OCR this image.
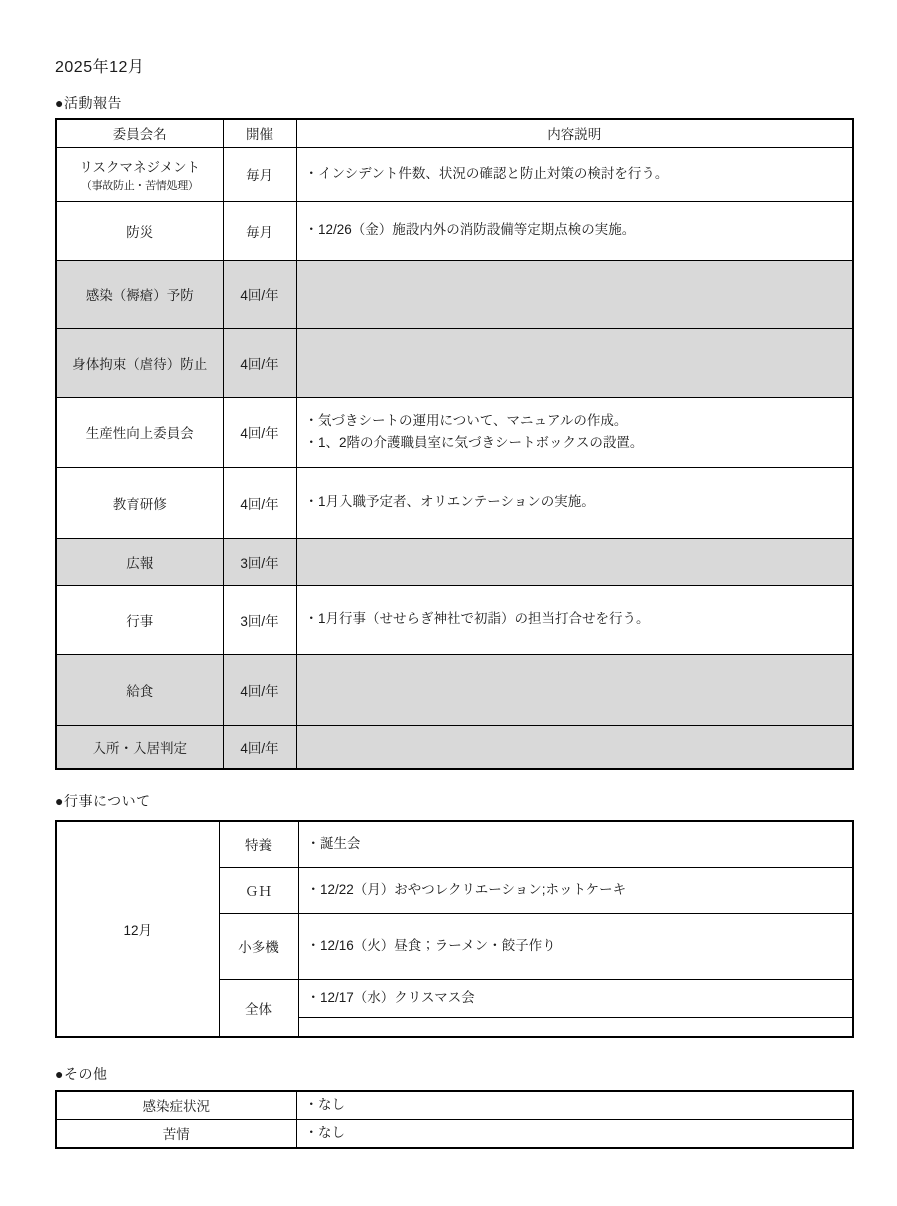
2025年12月
●活動報告
委員会名	開催	内容説明

リスクマネジメント
（事故防止・苦情処理）	毎月	・インシデント件数、状況の確認と防止対策の検討を行う。

防災	毎月	・12/26（金）施設内外の消防設備等定期点検の実施。

感染（褥瘡）予防	4回/年	
身体拘束（虐待）防止	4回/年	
生産性向上委員会	4回/年	・気づきシートの運用について、マニュアルの作成。
・1、2階の介護職員室に気づきシートボックスの設置。

教育研修	4回/年	・1月入職予定者、オリエンテーションの実施。

広報	3回/年	
行事	3回/年	・1月行事（せせらぎ神社で初詣）の担当打合せを行う。

給食	4回/年	
入所・入居判定	4回/年	
●行事について
12月	特養	・誕生会
	ＧＨ	・12/22（月）おやつレクリエーション;ホットケーキ
	小多機	・12/16（火）昼食；ラーメン・餃子作り
	全体	・12/17（水）クリスマス会

●その他
感染症状況	・なし
苦情	・なし
